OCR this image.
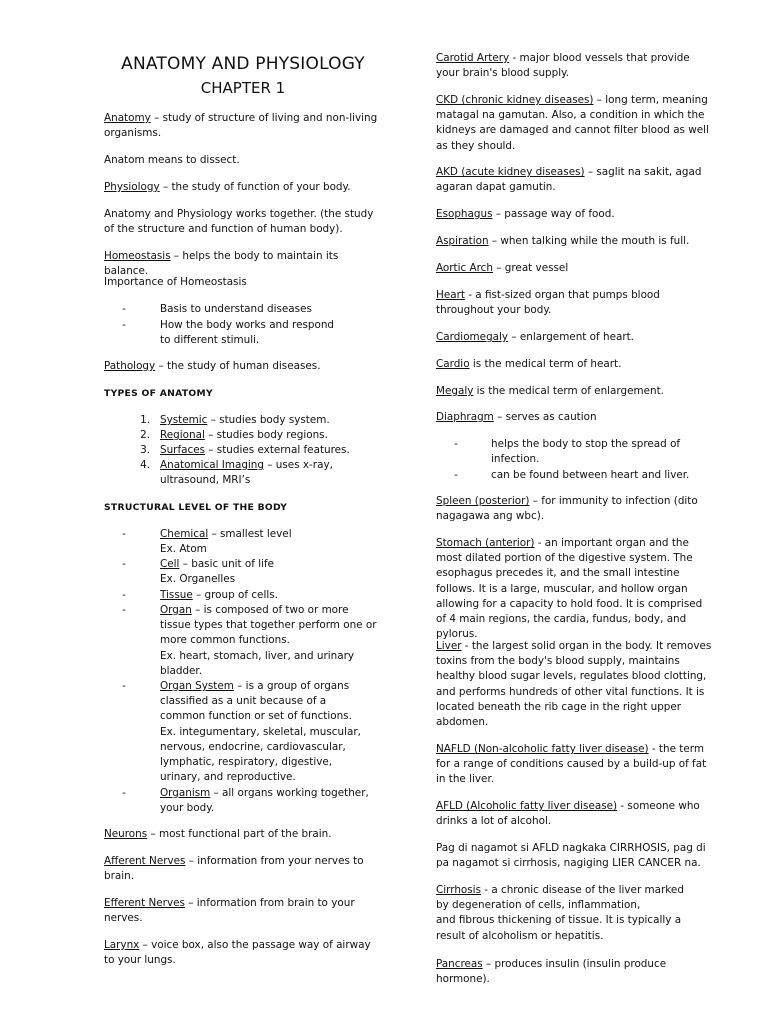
ANATOMY AND PHYSIOLOGY
CHAPTER 1

Anatomy – study of structure of living and non-living organisms.

Anatom means to dissect.

Physiology – the study of function of your body.

Anatomy and Physiology works together. (the study of the structure and function of human body).

Homeostasis – helps the body to maintain its balance.

Importance of Homeostasis

-	Basis to understand diseases
-	How the body works and respond to different stimuli.

Pathology – the study of human diseases.

TYPES OF ANATOMY

1. Systemic – studies body system.
2. Regional – studies body regions.
3. Surfaces – studies external features.
4. Anatomical Imaging – uses x-ray, ultrasound, MRI’s

STRUCTURAL LEVEL OF THE BODY

-	Chemical – smallest level
Ex. Atom
-	Cell – basic unit of life
Ex. Organelles
-	Tissue – group of cells.
-	Organ – is composed of two or more tissue types that together perform one or more common functions.
Ex. heart, stomach, liver, and urinary bladder.
-	Organ System – is a group of organs classified as a unit because of a common function or set of functions.
Ex. integumentary, skeletal, muscular, nervous, endocrine, cardiovascular, lymphatic, respiratory, digestive, urinary, and reproductive.
-	Organism – all organs working together, your body.

Neurons – most functional part of the brain.

Afferent Nerves – information from your nerves to brain.

Efferent Nerves – information from brain to your nerves.

Larynx – voice box, also the passage way of airway to your lungs.

Carotid Artery - major blood vessels that provide your brain's blood supply.

CKD (chronic kidney diseases) – long term, meaning matagal na gamutan. Also, a condition in which the kidneys are damaged and cannot filter blood as well as they should.

AKD (acute kidney diseases) – saglit na sakit, agad agaran dapat gamutin.

Esophagus – passage way of food.

Aspiration – when talking while the mouth is full.

Aortic Arch – great vessel

Heart - a fist-sized organ that pumps blood throughout your body.

Cardiomegaly – enlargement of heart.

Cardio is the medical term of heart.

Megaly is the medical term of enlargement.

Diaphragm – serves as caution

-	helps the body to stop the spread of infection.
-	can be found between heart and liver.

Spleen (posterior) – for immunity to infection (dito nagagawa ang wbc).

Stomach (anterior) - an important organ and the most dilated portion of the digestive system. The esophagus precedes it, and the small intestine follows. It is a large, muscular, and hollow organ allowing for a capacity to hold food. It is comprised of 4 main regions, the cardia, fundus, body, and pylorus.

Liver - the largest solid organ in the body. It removes toxins from the body's blood supply, maintains healthy blood sugar levels, regulates blood clotting, and performs hundreds of other vital functions. It is located beneath the rib cage in the right upper abdomen.

NAFLD (Non-alcoholic fatty liver disease) - the term for a range of conditions caused by a build-up of fat in the liver.

AFLD (Alcoholic fatty liver disease) - someone who drinks a lot of alcohol.

Pag di nagamot si AFLD nagkaka CIRRHOSIS, pag di pa nagamot si cirrhosis, nagiging LIER CANCER na.

Cirrhosis - a chronic disease of the liver marked
by degeneration of cells, inflammation,
and fibrous thickening of tissue. It is typically a result of alcoholism or hepatitis.

Pancreas – produces insulin (insulin produce hormone).
